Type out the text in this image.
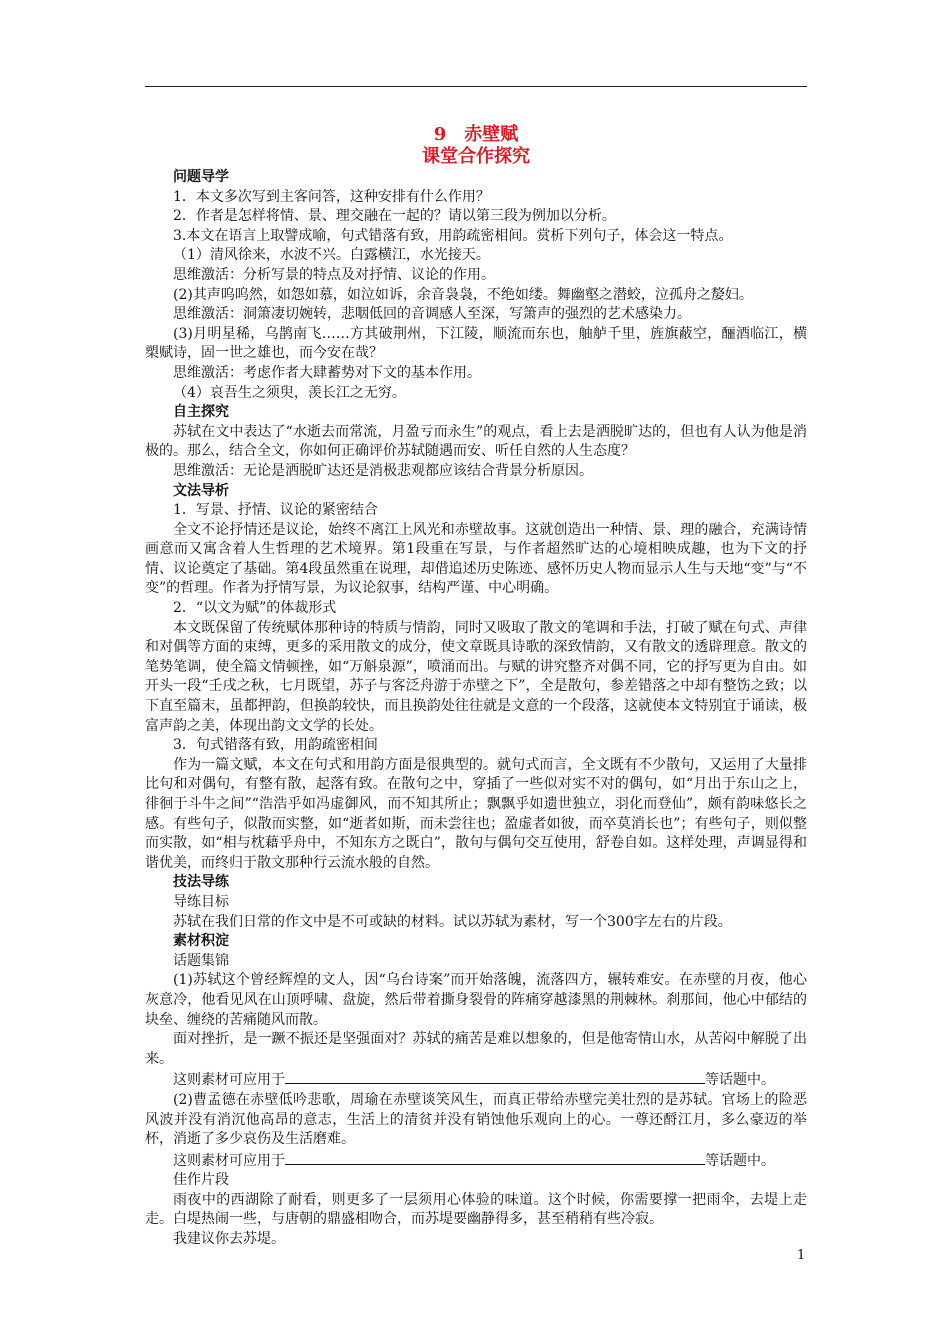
9 赤壁赋

课堂合作探究

问题导学

1．本文多次写到主客问答，这种安排有什么作用？

2．作者是怎样将情、景、理交融在一起的？请以第三段为例加以分析。

3.本文在语言上取譬成喻，句式错落有致，用韵疏密相间。赏析下列句子，体会这一特点。

（1）清风徐来，水波不兴。白露横江，水光接天。

思维激活：分析写景的特点及对抒情、议论的作用。

(2)其声呜呜然，如怨如慕，如泣如诉，余音袅袅，不绝如缕。舞幽壑之潜蛟，泣孤舟之嫠妇。

思维激活：洞箫凄切婉转，悲咽低回的音调感人至深，写箫声的强烈的艺术感染力。

(3)月明星稀，乌鹊南飞……方其破荆州，下江陵，顺流而东也，舳舻千里，旌旗蔽空，酾酒临江，横槊赋诗，固一世之雄也，而今安在哉？

思维激活：考虑作者大肆蓄势对下文的基本作用。

（4）哀吾生之须臾，羡长江之无穷。

自主探究

苏轼在文中表达了“水逝去而常流，月盈亏而永生”的观点，看上去是洒脱旷达的，但也有人认为他是消极的。那么，结合全文，你如何正确评价苏轼随遇而安、听任自然的人生态度？

思维激活：无论是洒脱旷达还是消极悲观都应该结合背景分析原因。

文法导析

1．写景、抒情、议论的紧密结合

全文不论抒情还是议论，始终不离江上风光和赤壁故事。这就创造出一种情、景、理的融合，充满诗情画意而又寓含着人生哲理的艺术境界。第1段重在写景，与作者超然旷达的心境相映成趣，也为下文的抒情、议论奠定了基础。第4段虽然重在说理，却借追述历史陈迹、感怀历史人物而显示人生与天地“变”与“不变”的哲理。作者为抒情写景，为议论叙事，结构严谨、中心明确。

2．“以文为赋”的体裁形式

本文既保留了传统赋体那种诗的特质与情韵，同时又吸取了散文的笔调和手法，打破了赋在句式、声律和对偶等方面的束缚，更多的采用散文的成分，使文章既具诗歌的深致情韵，又有散文的透辟理意。散文的笔势笔调，使全篇文情顿挫，如“万斛泉源”，喷涌而出。与赋的讲究整齐对偶不同，它的抒写更为自由。如开头一段“壬戌之秋，七月既望，苏子与客泛舟游于赤壁之下”，全是散句，参差错落之中却有整饬之致；以下直至篇末，虽都押韵，但换韵较快，而且换韵处往往就是文意的一个段落，这就使本文特别宜于诵读，极富声韵之美，体现出韵文文学的长处。

3．句式错落有致，用韵疏密相间

作为一篇文赋，本文在句式和用韵方面是很典型的。就句式而言，全文既有不少散句，又运用了大量排比句和对偶句，有整有散，起落有致。在散句之中，穿插了一些似对实不对的偶句，如“月出于东山之上，徘徊于斗牛之间”“浩浩乎如冯虚御风，而不知其所止；飘飘乎如遗世独立，羽化而登仙”，颇有韵味悠长之感。有些句子，似散而实整，如“逝者如斯，而未尝往也；盈虚者如彼，而卒莫消长也”；有些句子，则似整而实散，如“相与枕藉乎舟中，不知东方之既白”，散句与偶句交互使用，舒卷自如。这样处理，声调显得和谐优美，而终归于散文那种行云流水般的自然。

技法导练

导练目标

苏轼在我们日常的作文中是不可或缺的材料。试以苏轼为素材，写一个300字左右的片段。

素材积淀

话题集锦

(1)苏轼这个曾经辉煌的文人，因“乌台诗案”而开始落魄，流落四方，辗转难安。在赤壁的月夜，他心灰意冷，他看见风在山顶呼啸、盘旋，然后带着撕身裂骨的阵痛穿越漆黑的荆棘林。刹那间，他心中郁结的块垒、缠绕的苦痛随风而散。

面对挫折，是一蹶不振还是坚强面对？苏轼的痛苦是难以想象的，但是他寄情山水，从苦闷中解脱了出来。

这则素材可应用于	等话题中。

(2)曹孟德在赤壁低吟悲歌，周瑜在赤壁谈笑风生，而真正带给赤壁完美壮烈的是苏轼。官场上的险恶风波并没有消沉他高昂的意志，生活上的清贫并没有销蚀他乐观向上的心。一尊还酹江月，多么豪迈的举杯，消逝了多少哀伤及生活磨难。

这则素材可应用于	等话题中。

佳作片段

雨夜中的西湖除了耐看，则更多了一层须用心体验的味道。这个时候，你需要撑一把雨伞，去堤上走走。白堤热闹一些，与唐朝的鼎盛相吻合，而苏堤要幽静得多，甚至稍稍有些冷寂。

我建议你去苏堤。

1
